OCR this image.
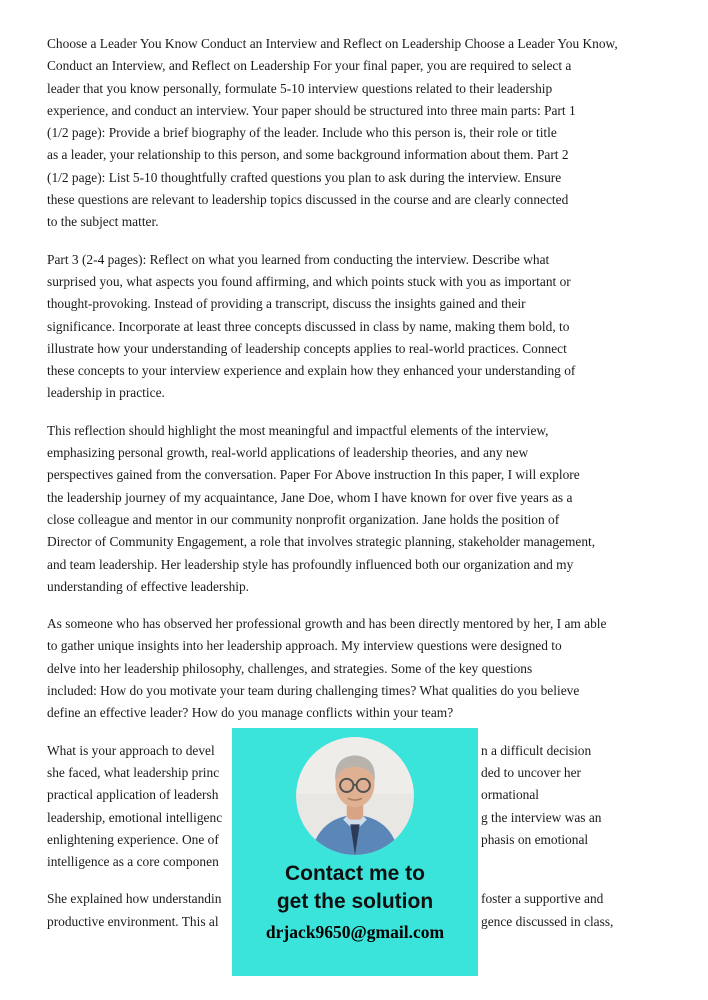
Choose a Leader You Know Conduct an Interview and Reflect on Leadership Choose a Leader You Know,
Conduct an Interview, and Reflect on Leadership For your final paper, you are required to select a
leader that you know personally, formulate 5-10 interview questions related to their leadership
experience, and conduct an interview. Your paper should be structured into three main parts: Part 1
(1/2 page): Provide a brief biography of the leader. Include who this person is, their role or title
as a leader, your relationship to this person, and some background information about them. Part 2
(1/2 page): List 5-10 thoughtfully crafted questions you plan to ask during the interview. Ensure
these questions are relevant to leadership topics discussed in the course and are clearly connected
to the subject matter.
Part 3 (2-4 pages): Reflect on what you learned from conducting the interview. Describe what
surprised you, what aspects you found affirming, and which points stuck with you as important or
thought-provoking. Instead of providing a transcript, discuss the insights gained and their
significance. Incorporate at least three concepts discussed in class by name, making them bold, to
illustrate how your understanding of leadership concepts applies to real-world practices. Connect
these concepts to your interview experience and explain how they enhanced your understanding of
leadership in practice.
This reflection should highlight the most meaningful and impactful elements of the interview,
emphasizing personal growth, real-world applications of leadership theories, and any new
perspectives gained from the conversation. Paper For Above instruction In this paper, I will explore
the leadership journey of my acquaintance, Jane Doe, whom I have known for over five years as a
close colleague and mentor in our community nonprofit organization. Jane holds the position of
Director of Community Engagement, a role that involves strategic planning, stakeholder management,
and team leadership. Her leadership style has profoundly influenced both our organization and my
understanding of effective leadership.
As someone who has observed her professional growth and has been directly mentored by her, I am able
to gather unique insights into her leadership approach. My interview questions were designed to
delve into her leadership philosophy, challenges, and strategies. Some of the key questions
included: How do you motivate your team during challenging times? What qualities do you believe
define an effective leader? How do you manage conflicts within your team?
What is your approach to devel	n a difficult decision
she faced, what leadership princ	ded to uncover her
practical application of leadersh	ormational
leadership, emotional intelligenc	g the interview was an
enlightening experience. One of	phasis on emotional
intelligence as a core componen
She explained how understandin	foster a supportive and
productive environment. This al	gence discussed in class,
Contact me to
get the solution
drjack9650@gmail.com
